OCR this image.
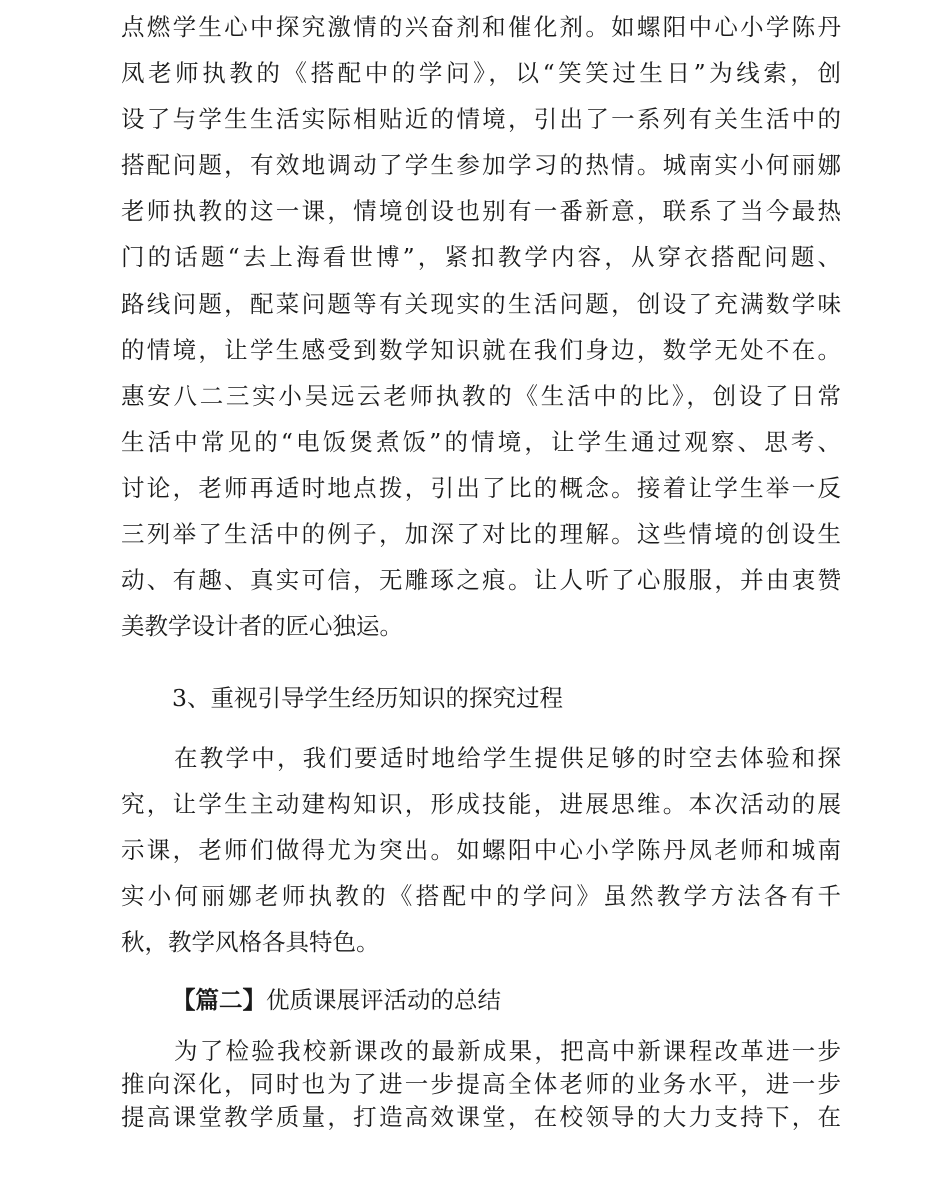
点燃学生心中探究激情的兴奋剂和催化剂。如螺阳中心小学陈丹
凤老师执教的《搭配中的学问》，以“笑笑过生日”为线索，创
设了与学生生活实际相贴近的情境，引出了一系列有关生活中的
搭配问题，有效地调动了学生参加学习的热情。城南实小何丽娜
老师执教的这一课，情境创设也别有一番新意，联系了当今最热
门的话题“去上海看世博”，紧扣教学内容，从穿衣搭配问题、
路线问题，配菜问题等有关现实的生活问题，创设了充满数学味
的情境，让学生感受到数学知识就在我们身边，数学无处不在。
惠安八二三实小吴远云老师执教的《生活中的比》，创设了日常
生活中常见的“电饭煲煮饭”的情境，让学生通过观察、思考、
讨论，老师再适时地点拨，引出了比的概念。接着让学生举一反
三列举了生活中的例子，加深了对比的理解。这些情境的创设生
动、有趣、真实可信，无雕琢之痕。让人听了心服服，并由衷赞
美教学设计者的匠心独运。
3、重视引导学生经历知识的探究过程
在教学中，我们要适时地给学生提供足够的时空去体验和探
究，让学生主动建构知识，形成技能，进展思维。本次活动的展
示课，老师们做得尤为突出。如螺阳中心小学陈丹凤老师和城南
实小何丽娜老师执教的《搭配中的学问》虽然教学方法各有千
秋，教学风格各具特色。
【篇二】优质课展评活动的总结
为了检验我校新课改的最新成果，把高中新课程改革进一步
推向深化，同时也为了进一步提高全体老师的业务水平，进一步
提高课堂教学质量，打造高效课堂，在校领导的大力支持下，在
